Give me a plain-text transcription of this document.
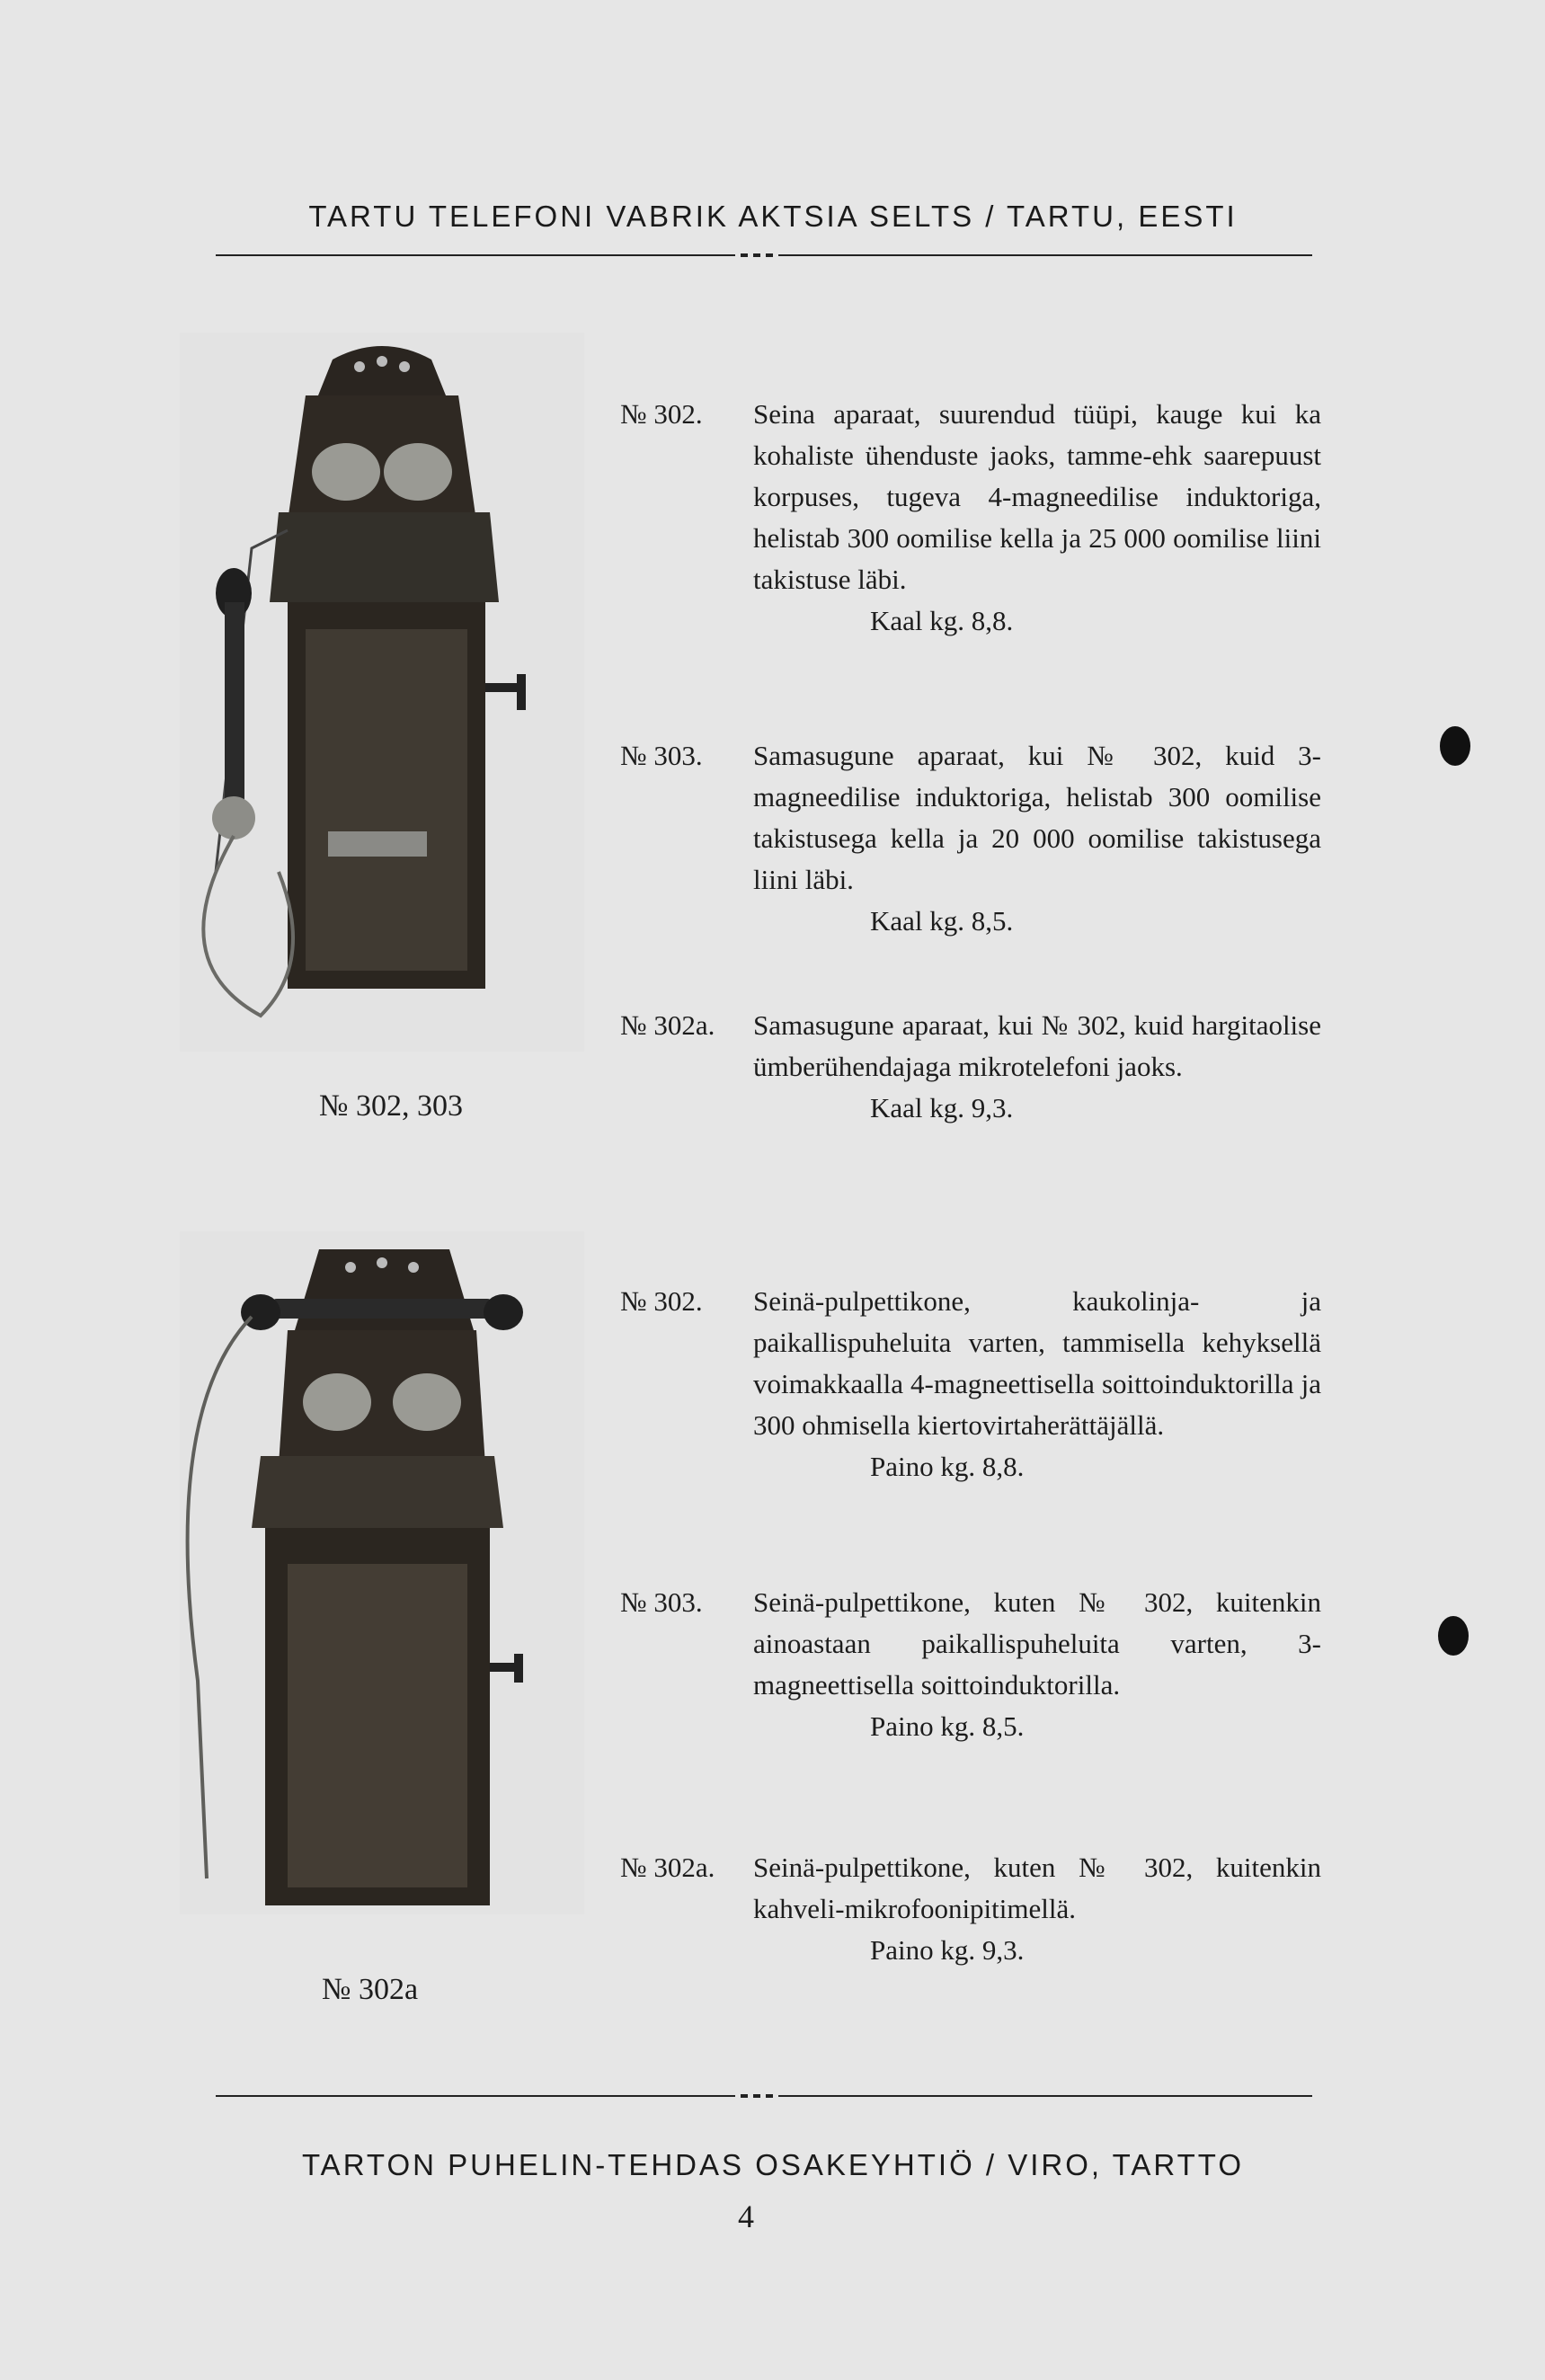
TARTU TELEFONI VABRIK AKTSIA SELTS / TARTU, EESTI
№ 302, 303
№ 302a
№ 302.	Seina aparaat, suurendud tüüpi, kauge kui ka kohaliste ühenduste jaoks, tamme-ehk saarepuust korpuses, tugeva 4-magneedilise induktoriga, helistab 300 oomilise kella ja 25 000 oomilise liini takistuse läbi.
Kaal kg. 8,8.
№ 303.	Samasugune aparaat, kui № 302, kuid 3-magneedilise induktoriga, helistab 300 oomilise takistusega kella ja 20 000 oomilise takistusega liini läbi.
Kaal kg. 8,5.
№ 302a.	Samasugune aparaat, kui № 302, kuid hargitaolise ümberühendajaga mikrotelefoni jaoks.
Kaal kg. 9,3.
№ 302.	Seinä-pulpettikone, kaukolinja- ja paikallispuheluita varten, tammisella kehyksellä voimakkaalla 4-magneettisella soittoinduktorilla ja 300 ohmisella kiertovirtaherättäjällä.
Paino kg. 8,8.
№ 303.	Seinä-pulpettikone, kuten № 302, kuitenkin ainoastaan paikallispuheluita varten, 3-magneettisella soittoinduktorilla.
Paino kg. 8,5.
№ 302a.	Seinä-pulpettikone, kuten № 302, kuitenkin kahveli-mikrofoonipitimellä.
Paino kg. 9,3.
TARTON PUHELIN-TEHDAS OSAKEYHTIÖ / VIRO, TARTTO
4
